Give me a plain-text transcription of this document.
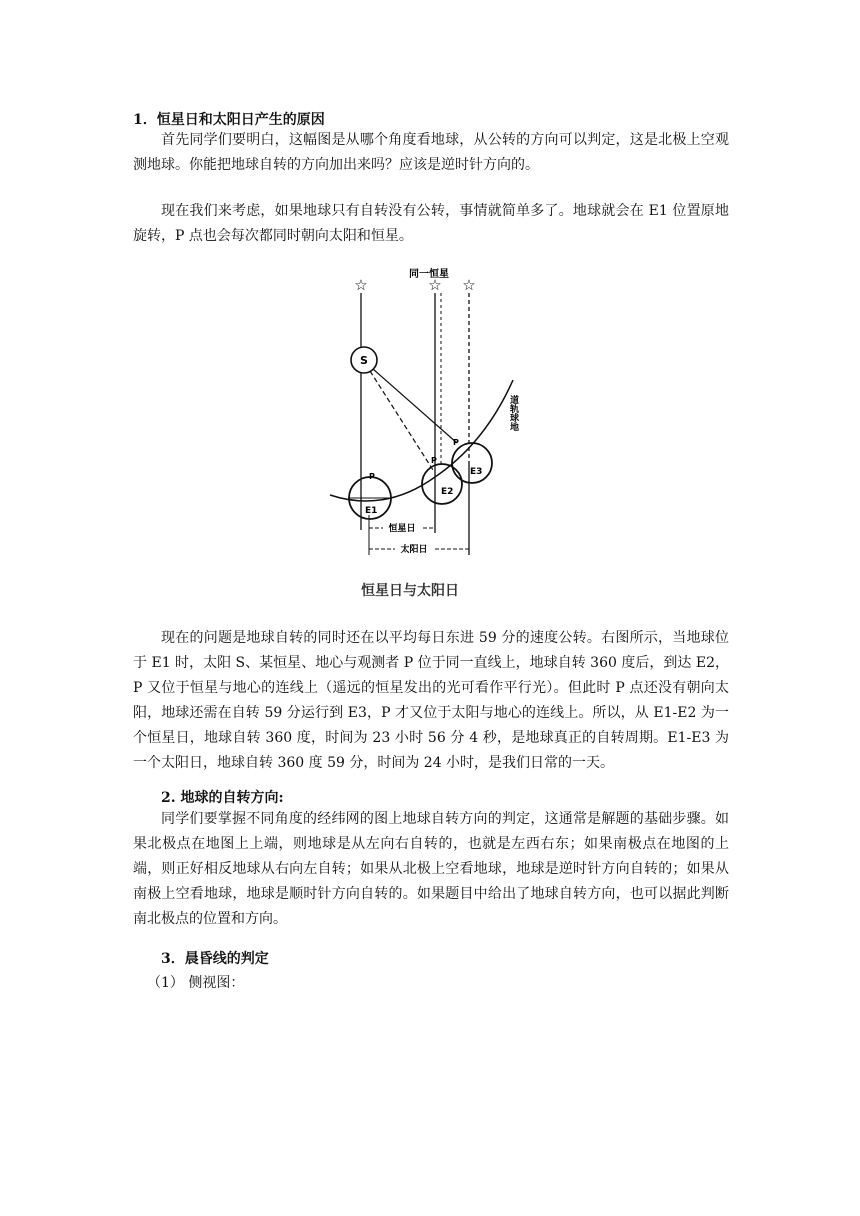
1．恒星日和太阳日产生的原因
首先同学们要明白，这幅图是从哪个角度看地球，从公转的方向可以判定，这是北极上空观测地球。你能把地球自转的方向加出来吗？应该是逆时针方向的。
现在我们来考虑，如果地球只有自转没有公转，事情就简单多了。地球就会在 E1 位置原地旋转，P 点也会每次都同时朝向太阳和恒星。
☆	☆ ☆
同一恒星
S
道轨球地
E1
P
E2
P
E3
P
恒星日
太阳日
恒星日与太阳日
现在的问题是地球自转的同时还在以平均每日东进 59 分的速度公转。右图所示，当地球位于 E1 时，太阳 S、某恒星、地心与观测者 P 位于同一直线上，地球自转 360 度后，到达 E2，P 又位于恒星与地心的连线上（遥远的恒星发出的光可看作平行光）。但此时 P 点还没有朝向太阳，地球还需在自转 59 分运行到 E3，P 才又位于太阳与地心的连线上。所以，从 E1-E2 为一个恒星日，地球自转 360 度，时间为 23 小时 56 分 4 秒，是地球真正的自转周期。E1-E3 为一个太阳日，地球自转 360 度 59 分，时间为 24 小时，是我们日常的一天。
2. 地球的自转方向:
同学们要掌握不同角度的经纬网的图上地球自转方向的判定，这通常是解题的基础步骤。如果北极点在地图上上端，则地球是从左向右自转的，也就是左西右东；如果南极点在地图的上端，则正好相反地球从右向左自转；如果从北极上空看地球，地球是逆时针方向自转的；如果从南极上空看地球，地球是顺时针方向自转的。如果题目中给出了地球自转方向，也可以据此判断南北极点的位置和方向。
3．晨昏线的判定
（1） 侧视图：
